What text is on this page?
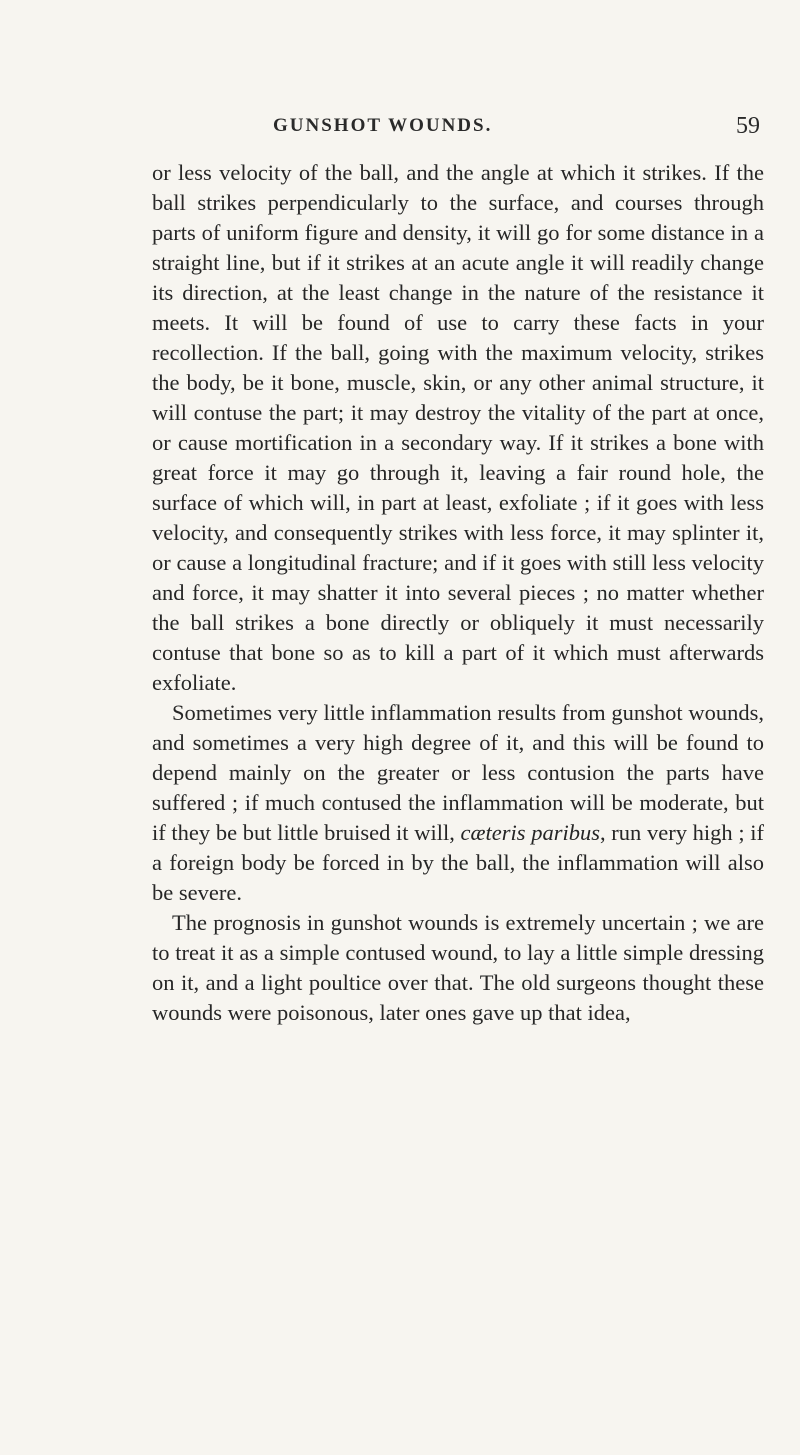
GUNSHOT WOUNDS.	59

or less velocity of the ball, and the angle at which it strikes. If the ball strikes perpendicularly to the surface, and courses through parts of uniform figure and density, it will go for some distance in a straight line, but if it strikes at an acute angle it will readily change its direction, at the least change in the nature of the resistance it meets. It will be found of use to carry these facts in your recollection. If the ball, going with the maximum velocity, strikes the body, be it bone, muscle, skin, or any other animal structure, it will contuse the part; it may destroy the vitality of the part at once, or cause mortification in a secondary way. If it strikes a bone with great force it may go through it, leaving a fair round hole, the surface of which will, in part at least, exfoliate ; if it goes with less velocity, and consequently strikes with less force, it may splinter it, or cause a longitudinal fracture; and if it goes with still less velocity and force, it may shatter it into several pieces ; no matter whether the ball strikes a bone directly or obliquely it must necessarily contuse that bone so as to kill a part of it which must afterwards exfoliate.

Sometimes very little inflammation results from gunshot wounds, and sometimes a very high degree of it, and this will be found to depend mainly on the greater or less contusion the parts have suffered ; if much contused the inflammation will be moderate, but if they be but little bruised it will, cæteris paribus, run very high ; if a foreign body be forced in by the ball, the inflammation will also be severe.

The prognosis in gunshot wounds is extremely uncertain ; we are to treat it as a simple contused wound, to lay a little simple dressing on it, and a light poultice over that. The old surgeons thought these wounds were poisonous, later ones gave up that idea,
